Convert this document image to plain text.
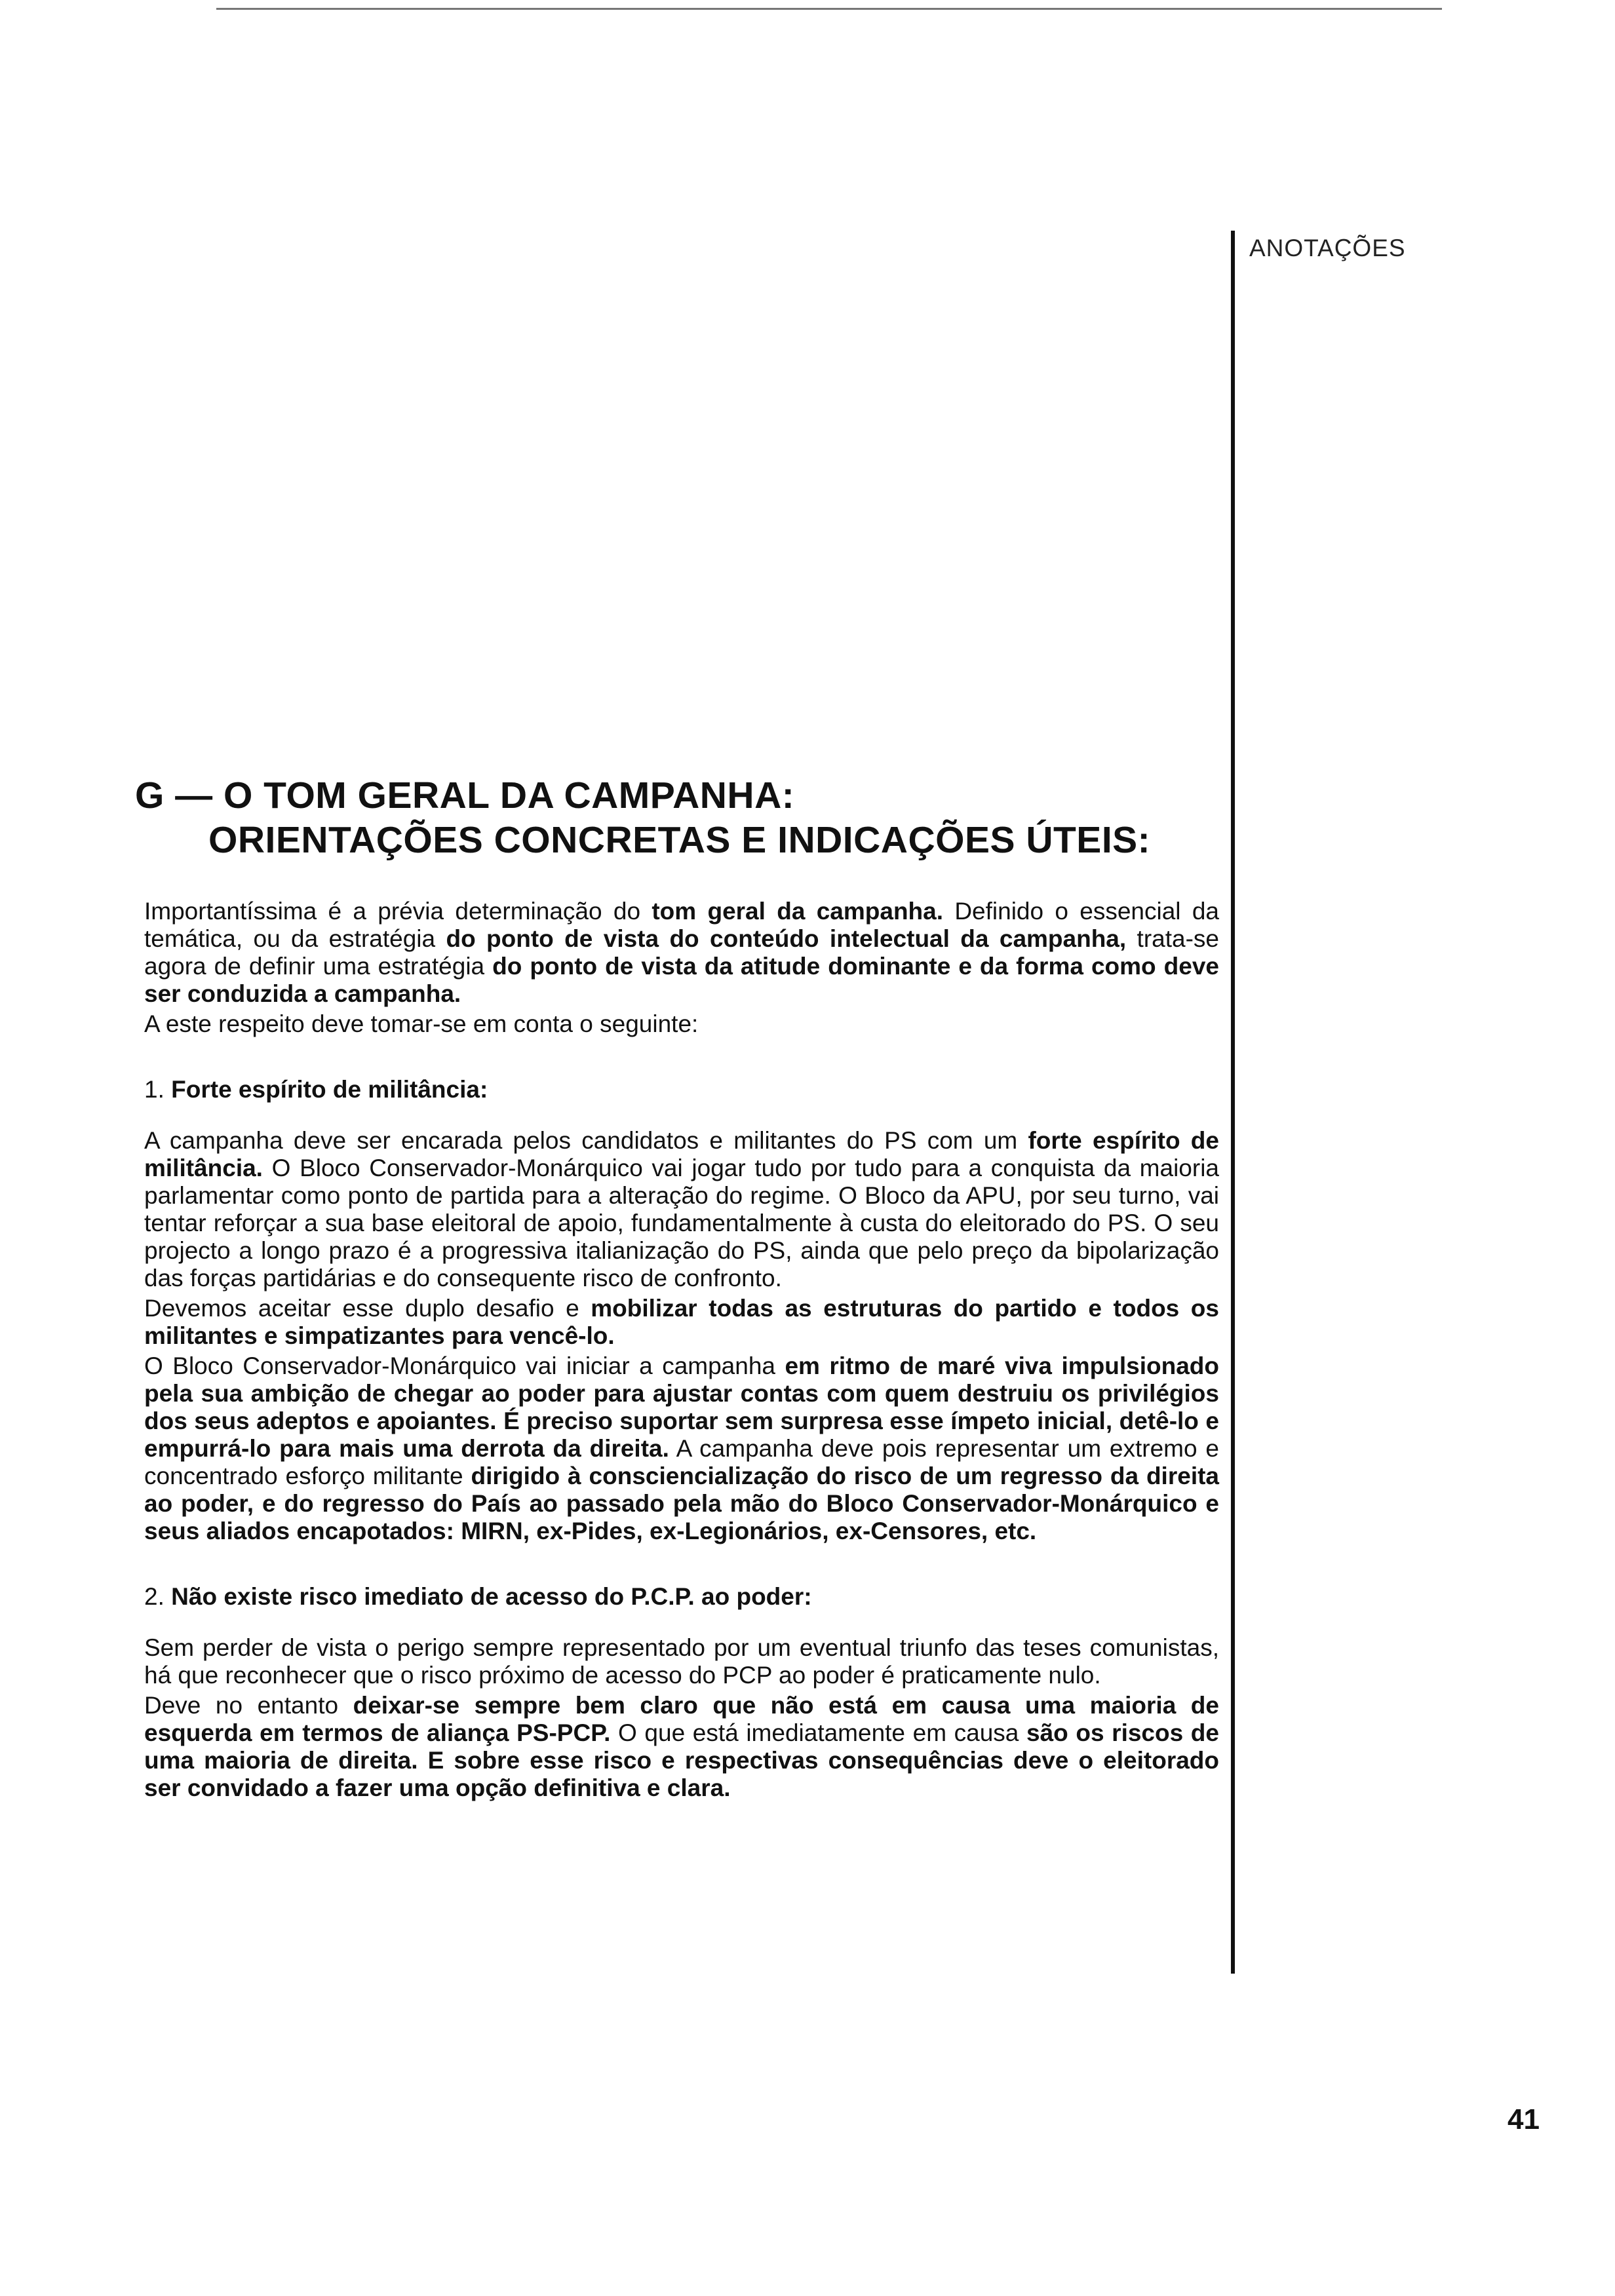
ANOTAÇÕES
G — O TOM GERAL DA CAMPANHA:
ORIENTAÇÕES CONCRETAS E INDICAÇÕES ÚTEIS:

Importantíssima é a prévia determinação do tom geral da campanha. Definido o essencial da temática, ou da estratégia do ponto de vista do conteúdo intelectual da campanha, trata-se agora de definir uma estratégia do ponto de vista da atitude dominante e da forma como deve ser conduzida a campanha.

A este respeito deve tomar-se em conta o seguinte:

1. Forte espírito de militância:

A campanha deve ser encarada pelos candidatos e militantes do PS com um forte espírito de militância. O Bloco Conservador-Monárquico vai jogar tudo por tudo para a conquista da maioria parlamentar como ponto de partida para a alteração do regime. O Bloco da APU, por seu turno, vai tentar reforçar a sua base eleitoral de apoio, fundamentalmente à custa do eleitorado do PS. O seu projecto a longo prazo é a progressiva italianização do PS, ainda que pelo preço da bipolarização das forças partidárias e do consequente risco de confronto.

Devemos aceitar esse duplo desafio e mobilizar todas as estruturas do partido e todos os militantes e simpatizantes para vencê-lo.

O Bloco Conservador-Monárquico vai iniciar a campanha em ritmo de maré viva impulsionado pela sua ambição de chegar ao poder para ajustar contas com quem destruiu os privilégios dos seus adeptos e apoiantes. É preciso suportar sem surpresa esse ímpeto inicial, detê-lo e empurrá-lo para mais uma derrota da direita. A campanha deve pois representar um extremo e concentrado esforço militante dirigido à consciencialização do risco de um regresso da direita ao poder, e do regresso do País ao passado pela mão do Bloco Conservador-Monárquico e seus aliados encapotados: MIRN, ex-Pides, ex-Legionários, ex-Censores, etc.

2. Não existe risco imediato de acesso do P.C.P. ao poder:

Sem perder de vista o perigo sempre representado por um eventual triunfo das teses comunistas, há que reconhecer que o risco próximo de acesso do PCP ao poder é praticamente nulo.

Deve no entanto deixar-se sempre bem claro que não está em causa uma maioria de esquerda em termos de aliança PS-PCP. O que está imediatamente em causa são os riscos de uma maioria de direita. E sobre esse risco e respectivas consequências deve o eleitorado ser convidado a fazer uma opção definitiva e clara.

41
